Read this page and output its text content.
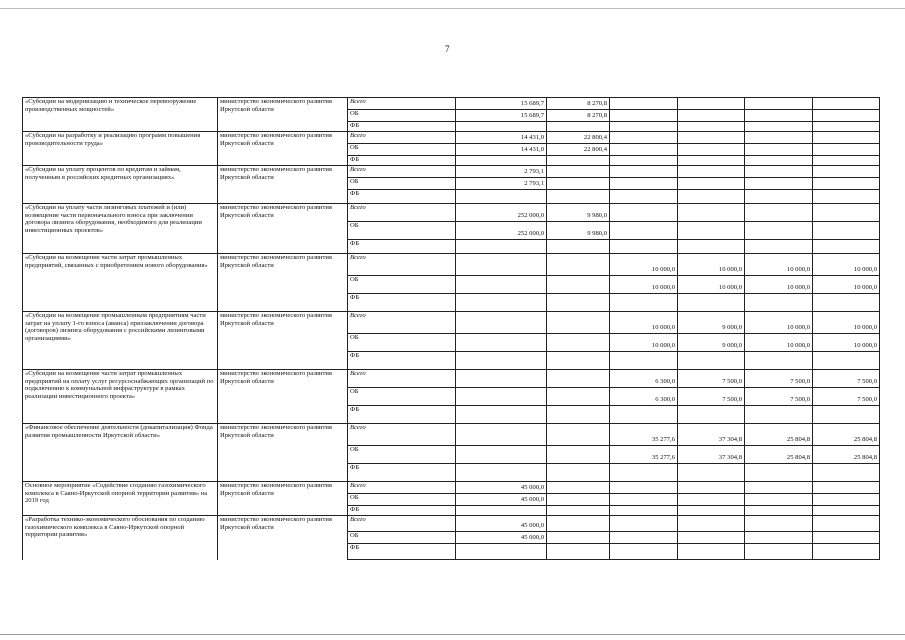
7
«Субсидии на модернизацию и техническое перевооружение производственных мощностей»	министерство экономического развития Иркутской области	Всего	15 689,7	8 270,8				
		ОБ	15 689,7	8 270,8				
		ФБ						
«Субсидии на разработку и реализацию программ повышения производительности труда»	министерство экономического развития Иркутской области	Всего	14 431,0	22 800,4				
		ОБ	14 431,0	22 800,4				
		ФБ						
«Субсидии на уплату процентов по кредитам и займам, полученным в российских кредитных организациях»	министерство экономического развития Иркутской области	Всего	2 793,1					
		ОБ	2 793,1					
		ФБ						
«Субсидии на уплату части лизинговых платежей и (или) возмещение части первоначального взноса при заключении договора лизинга оборудования, необходимого для реализации инвестиционных проектов»	министерство экономического развития Иркутской области	Всего	252 000,0	9 980,0				
		ОБ	252 000,0	9 980,0				
		ФБ						
«Субсидии на возмещение части затрат промышленных предприятий, связанных с приобретением нового оборудования»	министерство экономического развития Иркутской области	Всего			10 000,0	10 000,0	10 000,0	10 000,0
		ОБ			10 000,0	10 000,0	10 000,0	10 000,0
		ФБ						
«Субсидии на возмещение промышленным предприятиям части затрат на уплату 1-го взноса (аванса) приззаключении договора (договоров) лизинга оборудования с российскими лизинговыми организациями»	министерство экономического развития Иркутской области	Всего			10 000,0	9 000,0	10 000,0	10 000,0
		ОБ			10 000,0	9 000,0	10 000,0	10 000,0
		ФБ						
«Субсидии на возмещение части затрат промышленных предприятий на оплату услуг ресурсоснабжающих организаций по подключению к коммунальной инфраструктуре в рамках реализации инвестиционного проекта»	министерство экономического развития Иркутской области	Всего			6 300,0	7 500,0	7 500,0	7 500,0
		ОБ			6 300,0	7 500,0	7 500,0	7 500,0
		ФБ						
«Финансовое обеспечение деятельности (докапитализация) Фонда развития промышленности Иркутской области»	министерство экономического развития Иркутской области	Всего			35 277,6	37 304,8	25 804,8	25 804,8
		ОБ			35 277,6	37 304,8	25 804,8	25 804,8
		ФБ						
Основное мероприятие «Содействие созданию газохимического комплекса в Саяно-Иркутской опорной территории развития» на 2019 год	министерство экономического развития Иркутской области	Всего	45 000,0					
		ОБ	45 000,0					
		ФБ						
«Разработка технико-экономического обоснования по созданию газохимического комплекса в Саяно-Иркутской опорной территории развития»	министерство экономического развития Иркутской области	Всего	45 000,0					
		ОБ	45 000,0					
		ФБ						
